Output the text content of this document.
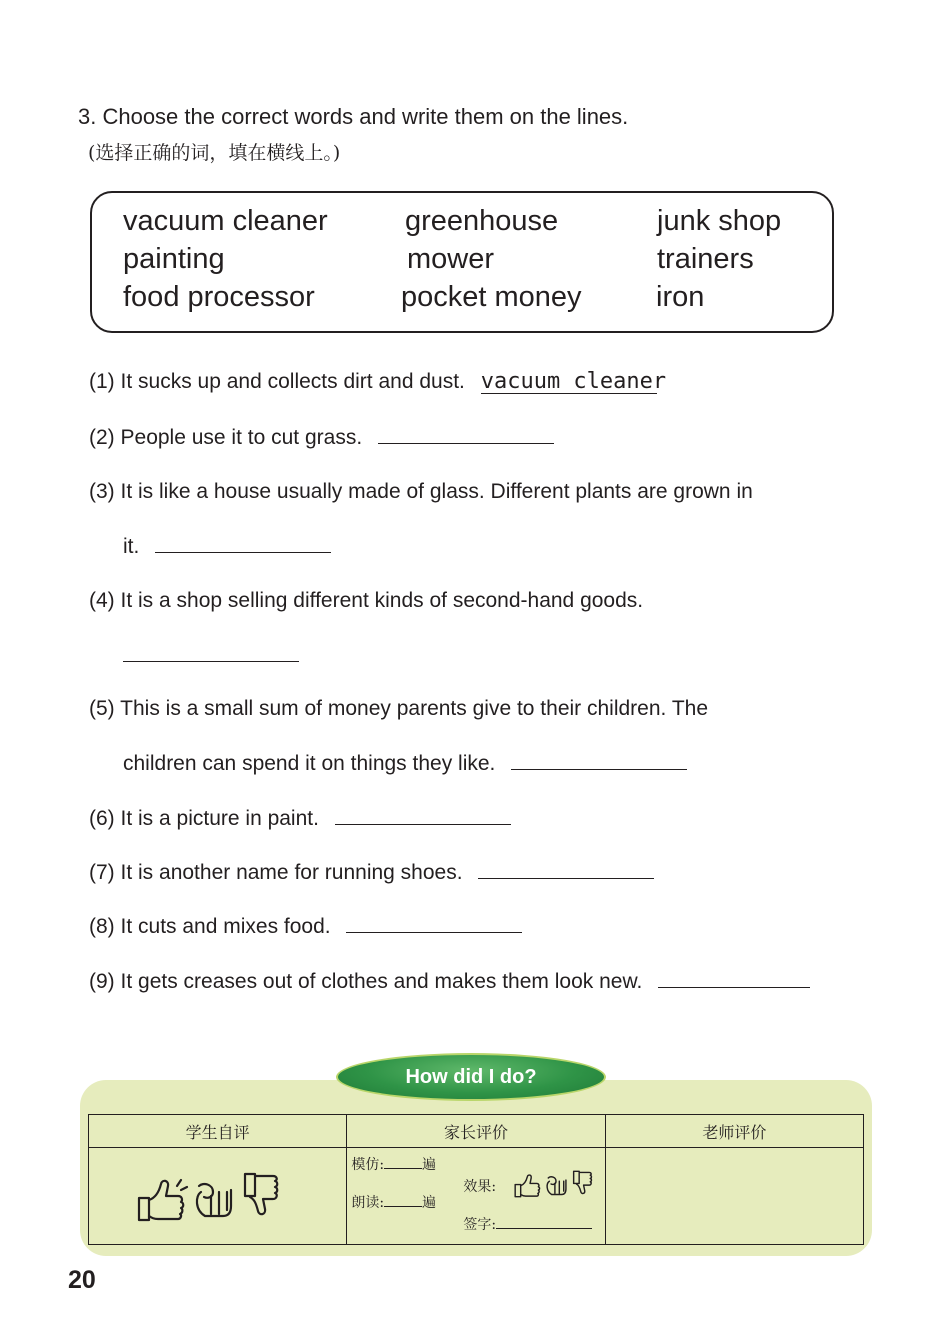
3. Choose the correct words and write them on the lines.
(选择正确的词，填在横线上。)
vacuum cleaner	greenhouse	junk shop
painting	mower	trainers
food processor	pocket money	iron
(1) It sucks up and collects dirt and dust. vacuum cleaner
(2) People use it to cut grass.
(3) It is like a house usually made of glass. Different plants are grown in
it.
(4) It is a shop selling different kinds of second-hand goods.
(5) This is a small sum of money parents give to their children. The
children can spend it on things they like.
(6) It is a picture in paint.
(7) It is another name for running shoes.
(8) It cuts and mixes food.
(9) It gets creases out of clothes and makes them look new.
How did I do?
学生自评	家长评价	老师评价

模仿: 遍
朗读: 遍
效果:
签字:	

20
